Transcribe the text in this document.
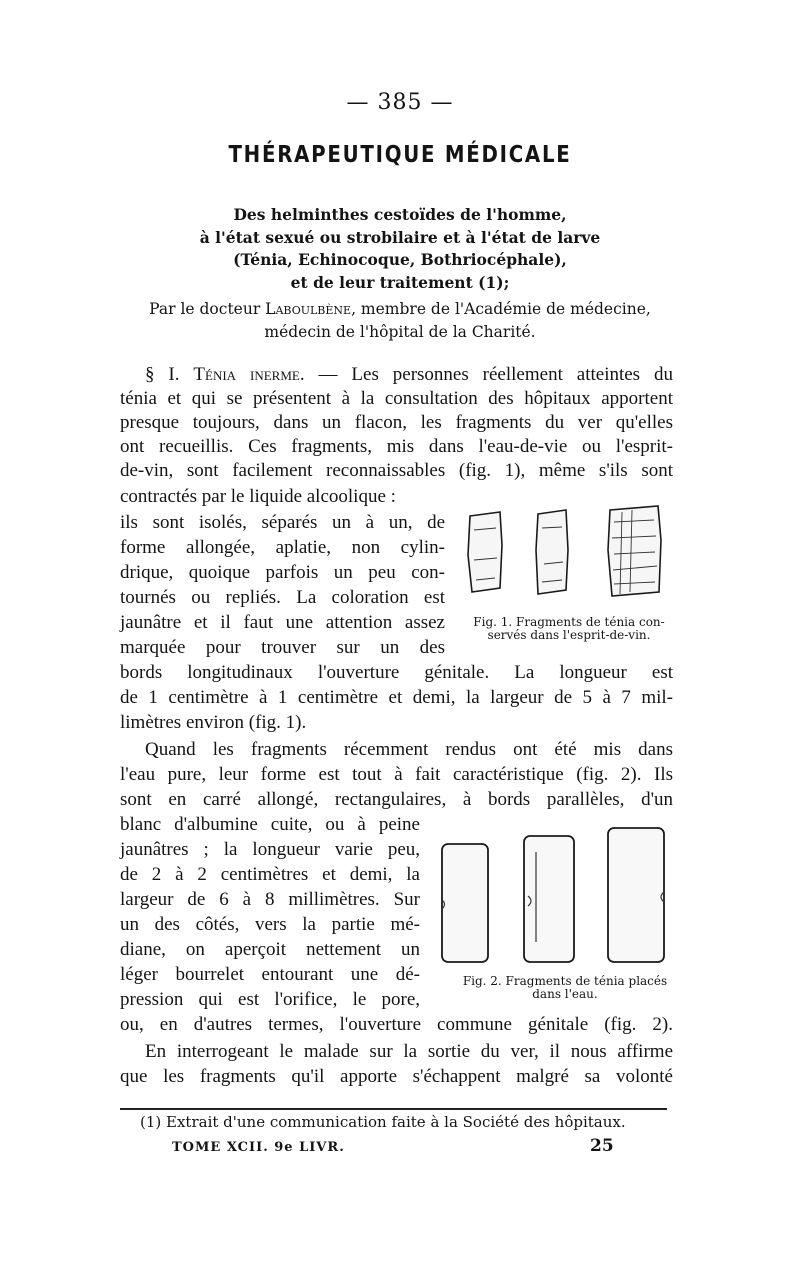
— 385 —
THÉRAPEUTIQUE MÉDICALE
Des helminthes cestoïdes de l'homme,
à l'état sexué ou strobilaire et à l'état de larve
(Ténia, Echinocoque, Bothriocéphale),
et de leur traitement (1);
Par le docteur Laboulbène, membre de l'Académie de médecine,
médecin de l'hôpital de la Charité.
§ I. Ténia inerme. — Les personnes réellement atteintes du
ténia et qui se présentent à la consultation des hôpitaux apportent
presque toujours, dans un flacon, les fragments du ver qu'elles
ont recueillis. Ces fragments, mis dans l'eau-de-vie ou l'esprit-
de-vin, sont facilement reconnaissables (fig. 1), même s'ils sont
contractés par le liquide alcoolique :
ils sont isolés, séparés un à un, de
forme allongée, aplatie, non cylin-
drique, quoique parfois un peu con-
tournés ou repliés. La coloration est
jaunâtre et il faut une attention assez
marquée pour trouver sur un des
bords longitudinaux l'ouverture génitale. La longueur est
de 1 centimètre à 1 centimètre et demi, la largeur de 5 à 7 mil-
limètres environ (fig. 1).
Quand les fragments récemment rendus ont été mis dans
l'eau pure, leur forme est tout à fait caractéristique (fig. 2). Ils
sont en carré allongé, rectangulaires, à bords parallèles, d'un
blanc d'albumine cuite, ou à peine
jaunâtres ; la longueur varie peu,
de 2 à 2 centimètres et demi, la
largeur de 6 à 8 millimètres. Sur
un des côtés, vers la partie mé-
diane, on aperçoit nettement un
léger bourrelet entourant une dé-
pression qui est l'orifice, le pore,
ou, en d'autres termes, l'ouverture commune génitale (fig. 2).
En interrogeant le malade sur la sortie du ver, il nous affirme
que les fragments qu'il apporte s'échappent malgré sa volonté
Fig. 1. Fragments de ténia con-
servés dans l'esprit-de-vin.
Fig. 2. Fragments de ténia placés
dans l'eau.
(1) Extrait d'une communication faite à la Société des hôpitaux.
TOME XCII. 9e LIVR.	25
